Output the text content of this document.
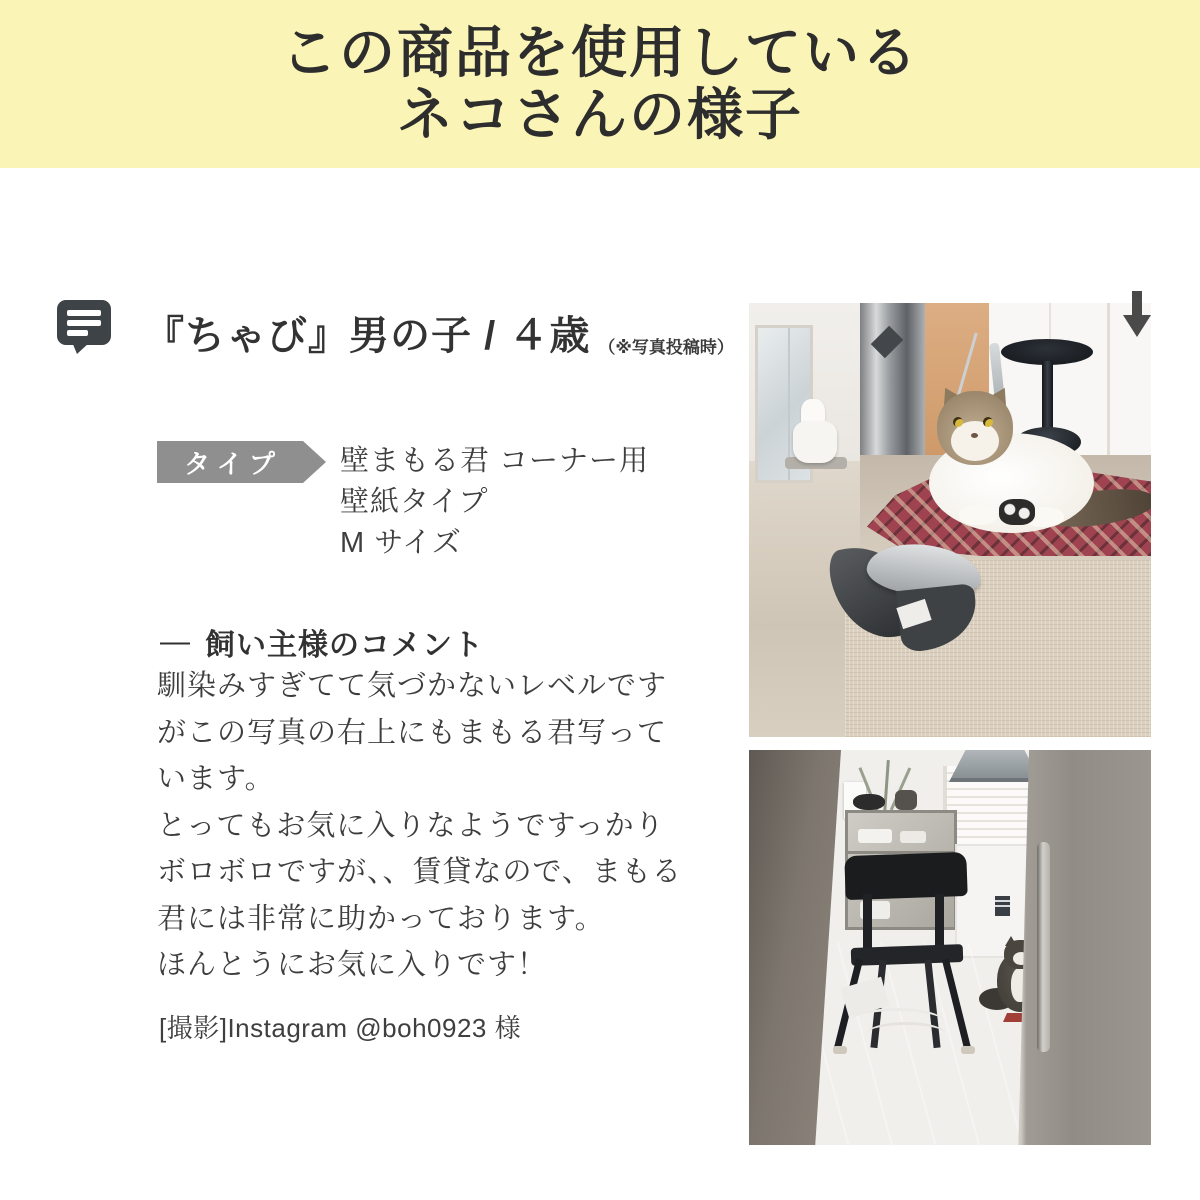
この商品を使用している
ネコさんの様子
『ちゃび』男の子 / ４歳 （※写真投稿時）
タイプ 壁まもる君 コーナー用
壁紙タイプ
M サイズ
— 飼い主様のコメント
馴染みすぎてて気づかないレベルです
がこの写真の右上にもまもる君写って
います。
とってもお気に入りなようですっかり
ボロボロですが、、賃貸なので、まもる
君には非常に助かっております。
ほんとうにお気に入りです！
[撮影]Instagram @boh0923 様
